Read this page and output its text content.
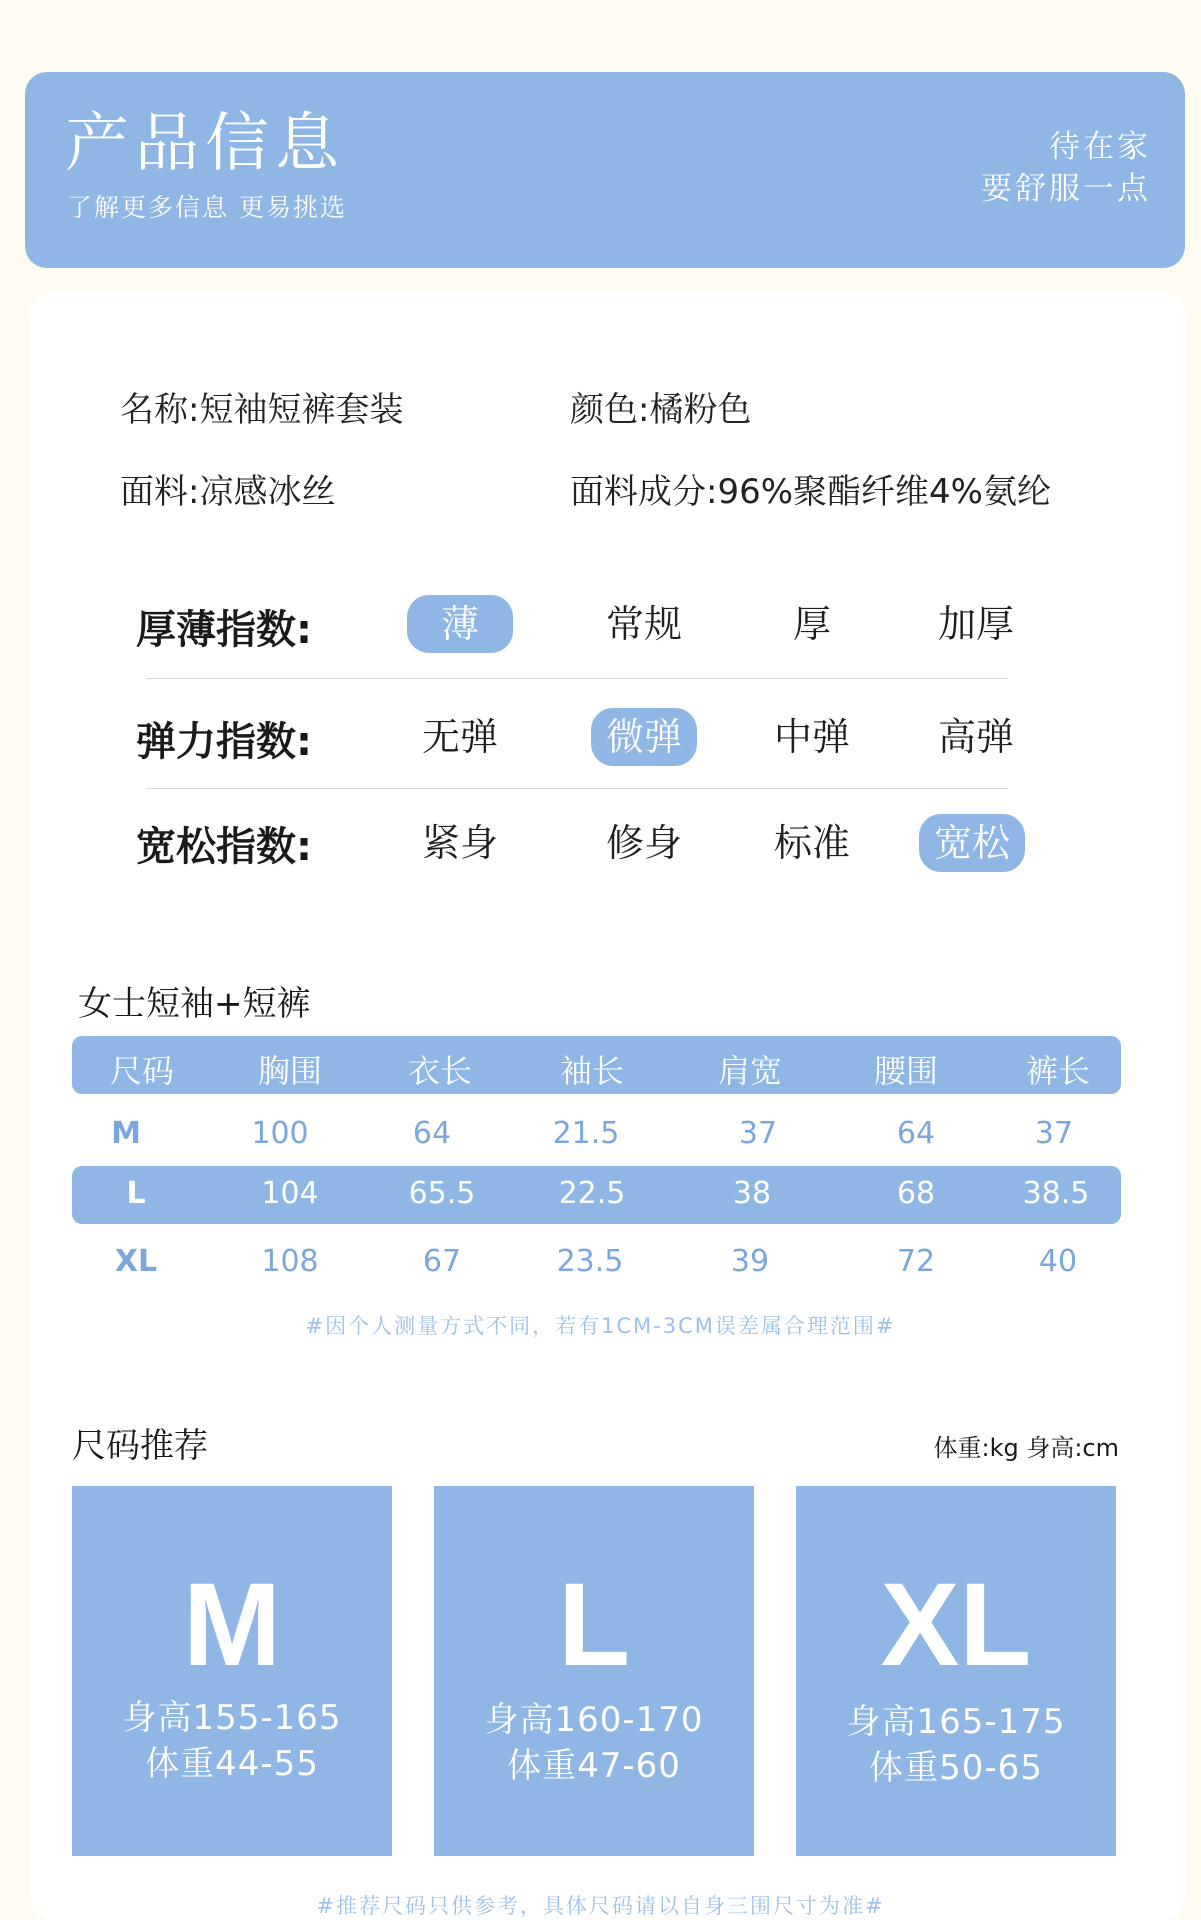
产品信息
了解更多信息 更易挑选
待在家
要舒服一点
名称:短袖短裤套装	颜色:橘粉色
面料:凉感冰丝	面料成分:96%聚酯纤维4%氨纶
厚薄指数:	薄	常规	厚	加厚
弹力指数:	无弹	微弹	中弹	高弹
宽松指数:	紧身	修身	标准	宽松
女士短袖+短裤
尺码	胸围	衣长	袖长	肩宽	腰围	裤长
M	100	64	21.5	37	64	37
L	104	65.5	22.5	38	68	38.5
XL	108	67	23.5	39	72	40
#因个人测量方式不同，若有1CM-3CM误差属合理范围#
尺码推荐	体重:kg 身高:cm
M
身高155-165
体重44-55
L
身高160-170
体重47-60
XL
身高165-175
体重50-65
#推荐尺码只供参考，具体尺码请以自身三围尺寸为准#
